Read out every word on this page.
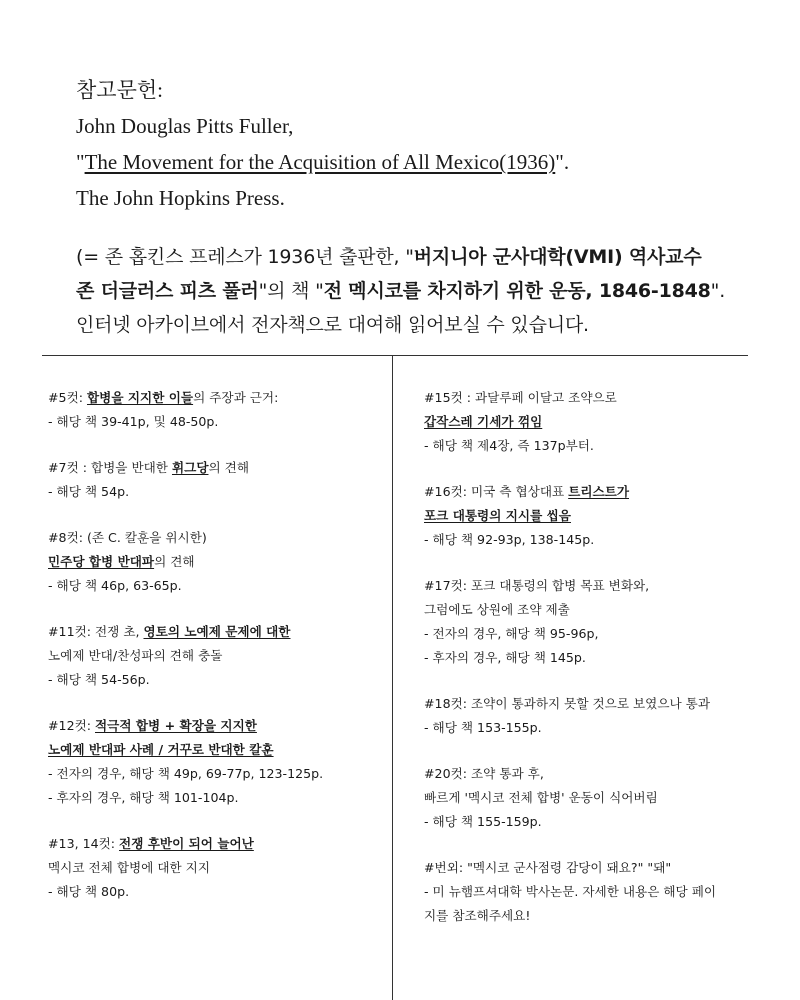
참고문헌:
John Douglas Pitts Fuller,
"The Movement for the Acquisition of All Mexico(1936)".
The John Hopkins Press.
(= 존 홉킨스 프레스가 1936년 출판한, "버지니아 군사대학(VMI) 역사교수
존 더글러스 피츠 풀러"의 책 "전 멕시코를 차지하기 위한 운동, 1846-1848".
인터넷 아카이브에서 전자책으로 대여해 읽어보실 수 있습니다.
#5컷: 합병을 지지한 이들의 주장과 근거:
- 해당 책 39-41p, 및 48-50p.
#7컷 : 합병을 반대한 휘그당의 견해
- 해당 책 54p.
#8컷: (존 C. 칼훈을 위시한)
민주당 합병 반대파의 견해
- 해당 책 46p, 63-65p.
#11컷: 전쟁 초, 영토의 노예제 문제에 대한
노예제 반대/찬성파의 견해 충돌
- 해당 책 54-56p.
#12컷: 적극적 합병 + 확장을 지지한
노예제 반대파 사례 / 거꾸로 반대한 칼훈
- 전자의 경우, 해당 책 49p, 69-77p, 123-125p.
- 후자의 경우, 해당 책 101-104p.
#13, 14컷: 전쟁 후반이 되어 늘어난
멕시코 전체 합병에 대한 지지
- 해당 책 80p.
#15컷 : 과달루페 이달고 조약으로
갑작스레 기세가 꺾임
- 해당 책 제4장, 즉 137p부터.
#16컷: 미국 측 협상대표 트리스트가
포크 대통령의 지시를 씹음
- 해당 책 92-93p, 138-145p.
#17컷: 포크 대통령의 합병 목표 변화와,
그럼에도 상원에 조약 제출
- 전자의 경우, 해당 책 95-96p,
- 후자의 경우, 해당 책 145p.
#18컷: 조약이 통과하지 못할 것으로 보였으나 통과
- 해당 책 153-155p.
#20컷: 조약 통과 후,
빠르게 '멕시코 전체 합병' 운동이 식어버림
- 해당 책 155-159p.
#번외: "멕시코 군사점령 감당이 돼요?" "돼"
- 미 뉴햄프셔대학 박사논문. 자세한 내용은 해당 페이
지를 참조해주세요!
